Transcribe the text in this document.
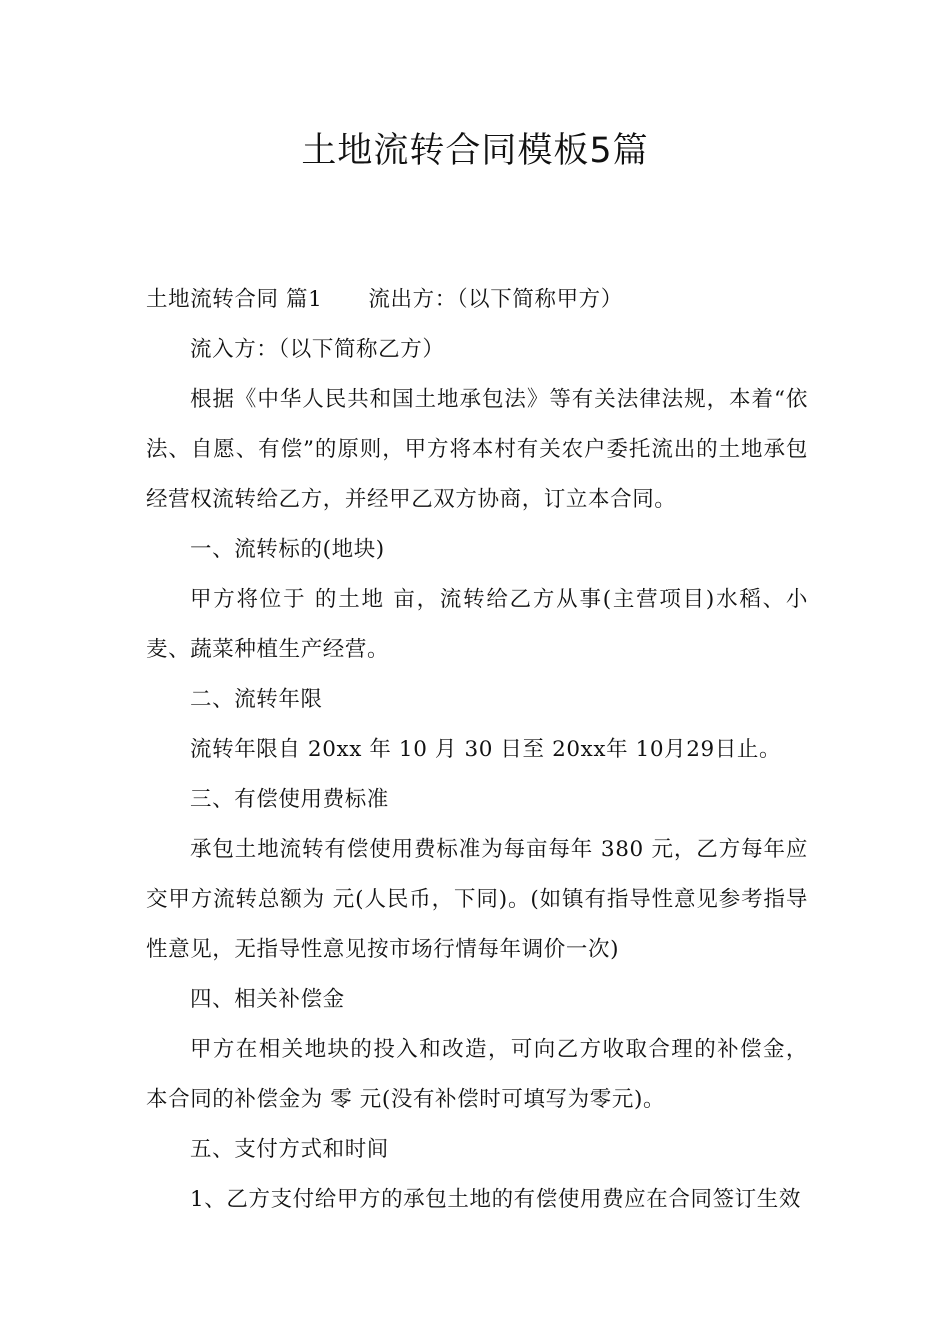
土地流转合同模板5篇

土地流转合同 篇1 流出方：（以下简称甲方）

流入方：（以下简称乙方）

根据《中华人民共和国土地承包法》等有关法律法规，本着“依法、自愿、有偿”的原则，甲方将本村有关农户委托流出的土地承包经营权流转给乙方，并经甲乙双方协商，订立本合同。

一、流转标的(地块)

甲方将位于 的土地 亩，流转给乙方从事(主营项目)水稻、小麦、蔬菜种植生产经营。

二、流转年限

流转年限自 20xx 年 10 月 30 日至 20xx年 10月29日止。

三、有偿使用费标准

承包土地流转有偿使用费标准为每亩每年 380 元，乙方每年应交甲方流转总额为 元(人民币，下同)。(如镇有指导性意见参考指导性意见，无指导性意见按市场行情每年调价一次)

四、相关补偿金

甲方在相关地块的投入和改造，可向乙方收取合理的补偿金，本合同的补偿金为 零 元(没有补偿时可填写为零元)。

五、支付方式和时间

1、乙方支付给甲方的承包土地的有偿使用费应在合同签订生效
